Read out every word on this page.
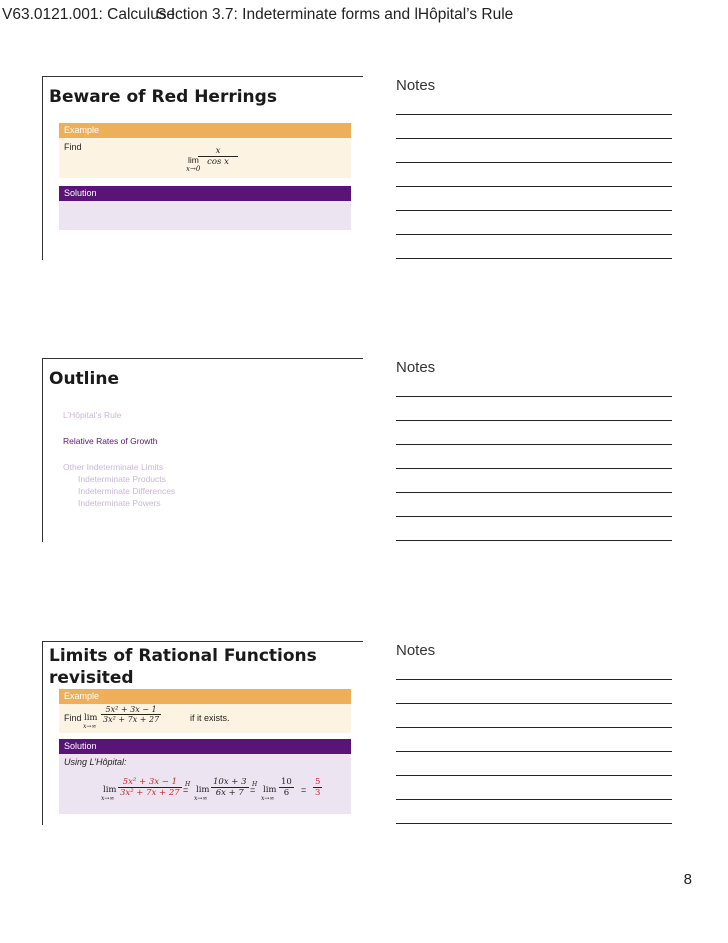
V63.0121.001: Calculus I
Section 3.7: Indeterminate forms and lHôpital’s Rule
Beware of Red Herrings
Example
Find
lim
x→0
$\frac{x}{\text{cos x}}$
Solution
Notes
Outline
L’Hôpital’s Rule
Relative Rates of Growth
Other Indeterminate Limits
Indeterminate Products
Indeterminate Differences
Indeterminate Powers
Notes
Limits of Rational Functions revisited
Example
Find lim
x→∞
$\frac{\text{5x² + 3x − 1}}{\text{3x² + 7x + 27}}$	if it exists.
Solution
Using L’Hôpital:
lim
x→∞
$\frac{\text{5x² + 3x − 1}}{\text{3x² + 7x + 27}}$ H
= lim
x→∞
$\frac{10x + 3}{6x + 7}$ H
= lim
x→∞
$\frac{10}{6} = \frac{5}{3}$
Notes
8
